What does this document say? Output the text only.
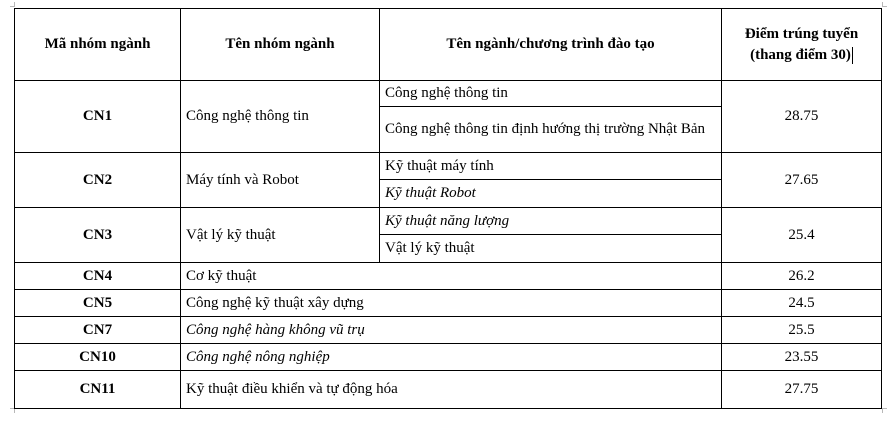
Mã nhóm ngành	Tên nhóm ngành	Tên ngành/chương trình đào tạo	Điểm trúng tuyển
(thang điểm 30)
CN1	Công nghệ thông tin	Công nghệ thông tin	28.75
		Công nghệ thông tin định hướng thị trường Nhật Bản	
CN2	Máy tính và Robot	Kỹ thuật máy tính	27.65
		Kỹ thuật Robot	
CN3	Vật lý kỹ thuật	Kỹ thuật năng lượng	25.4
		Vật lý kỹ thuật	
CN4	Cơ kỹ thuật		26.2
CN5	Công nghệ kỹ thuật xây dựng		24.5
CN7	Công nghệ hàng không vũ trụ		25.5
CN10	Công nghệ nông nghiệp		23.55
CN11	Kỹ thuật điều khiển và tự động hóa		27.75
